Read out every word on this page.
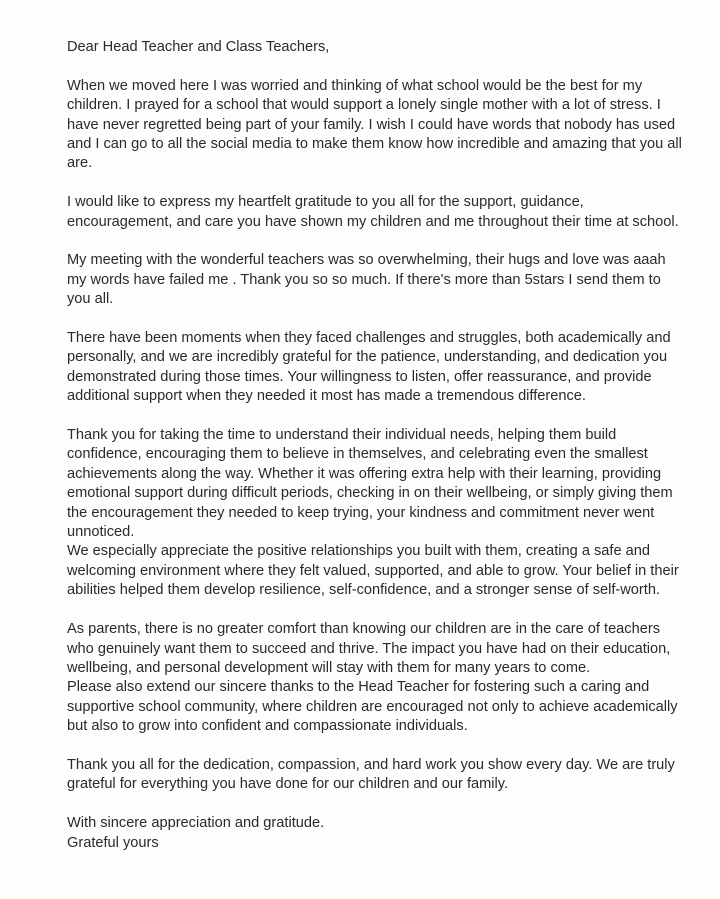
Dear Head Teacher and Class Teachers,
When we moved here I was worried and thinking of what school would be the best for my
children. I prayed for a school that would support a lonely single mother with a lot of stress. I
have never regretted being part of your family. I wish I could have words that nobody has used
and I can go to all the social media to make them know how incredible and amazing that you all
are.
I would like to express my heartfelt gratitude to you all for the support, guidance,
encouragement, and care you have shown my children and me throughout their time at school.
My meeting with the wonderful teachers was so overwhelming, their hugs and love was aaah
my words have failed me . Thank you so so much. If there's more than 5stars I send them to
you all.
There have been moments when they faced challenges and struggles, both academically and
personally, and we are incredibly grateful for the patience, understanding, and dedication you
demonstrated during those times. Your willingness to listen, offer reassurance, and provide
additional support when they needed it most has made a tremendous difference.
Thank you for taking the time to understand their individual needs, helping them build
confidence, encouraging them to believe in themselves, and celebrating even the smallest
achievements along the way. Whether it was offering extra help with their learning, providing
emotional support during difficult periods, checking in on their wellbeing, or simply giving them
the encouragement they needed to keep trying, your kindness and commitment never went
unnoticed.
We especially appreciate the positive relationships you built with them, creating a safe and
welcoming environment where they felt valued, supported, and able to grow. Your belief in their
abilities helped them develop resilience, self-confidence, and a stronger sense of self-worth.
As parents, there is no greater comfort than knowing our children are in the care of teachers
who genuinely want them to succeed and thrive. The impact you have had on their education,
wellbeing, and personal development will stay with them for many years to come.
Please also extend our sincere thanks to the Head Teacher for fostering such a caring and
supportive school community, where children are encouraged not only to achieve academically
but also to grow into confident and compassionate individuals.
Thank you all for the dedication, compassion, and hard work you show every day. We are truly
grateful for everything you have done for our children and our family.
With sincere appreciation and gratitude.
Grateful yours
